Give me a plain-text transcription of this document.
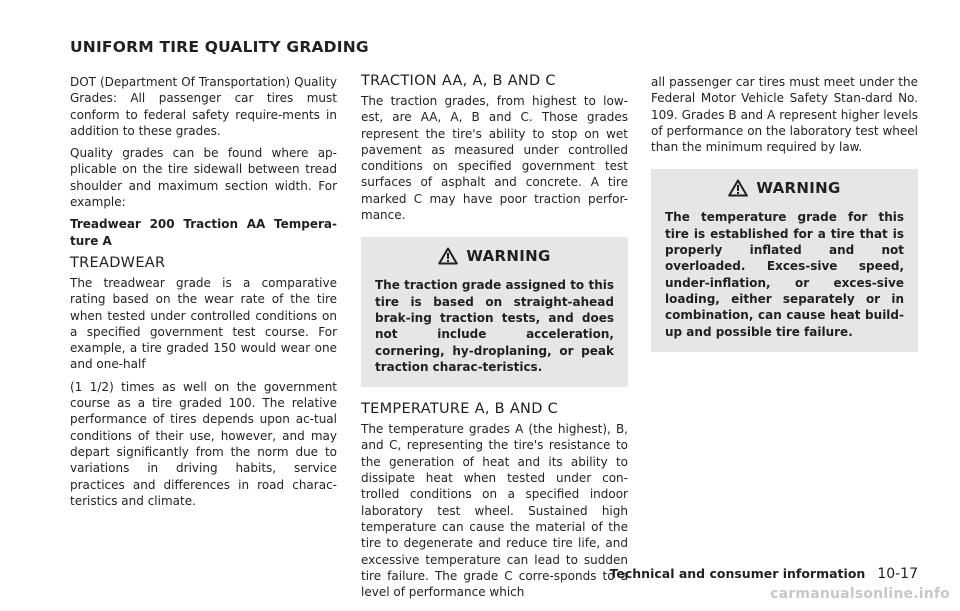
UNIFORM TIRE QUALITY GRADING

DOT (Department Of Transportation) Quality Grades: All passenger car tires must conform to federal safety require-ments in addition to these grades.

Quality grades can be found where ap-plicable on the tire sidewall between tread shoulder and maximum section width. For example:

Treadwear 200 Traction AA Tempera-ture A

TREADWEAR

The treadwear grade is a comparative rating based on the wear rate of the tire when tested under controlled conditions on a specified government test course. For example, a tire graded 150 would wear one and one-half

(1 1/2) times as well on the government course as a tire graded 100. The relative performance of tires depends upon ac-tual conditions of their use, however, and may depart significantly from the norm due to variations in driving habits, service practices and differences in road charac-teristics and climate.

TRACTION AA, A, B AND C

The traction grades, from highest to low-est, are AA, A, B and C. Those grades represent the tire's ability to stop on wet pavement as measured under controlled conditions on specified government test surfaces of asphalt and concrete. A tire marked C may have poor traction perfor-mance.

WARNING

The traction grade assigned to this tire is based on straight-ahead brak-ing traction tests, and does not include acceleration, cornering, hy-droplaning, or peak traction charac-teristics.

TEMPERATURE A, B AND C

The temperature grades A (the highest), B, and C, representing the tire's resistance to the generation of heat and its ability to dissipate heat when tested under con-trolled conditions on a specified indoor laboratory test wheel. Sustained high temperature can cause the material of the tire to degenerate and reduce tire life, and excessive temperature can lead to sudden tire failure. The grade C corre-sponds to a level of performance which

all passenger car tires must meet under the Federal Motor Vehicle Safety Stan-dard No. 109. Grades B and A represent higher levels of performance on the laboratory test wheel than the minimum required by law.

WARNING

The temperature grade for this tire is established for a tire that is properly inflated and not overloaded. Exces-sive speed, under-inflation, or exces-sive loading, either separately or in combination, can cause heat build-up and possible tire failure.

Technical and consumer information 10-17
carmanualsonline.info
